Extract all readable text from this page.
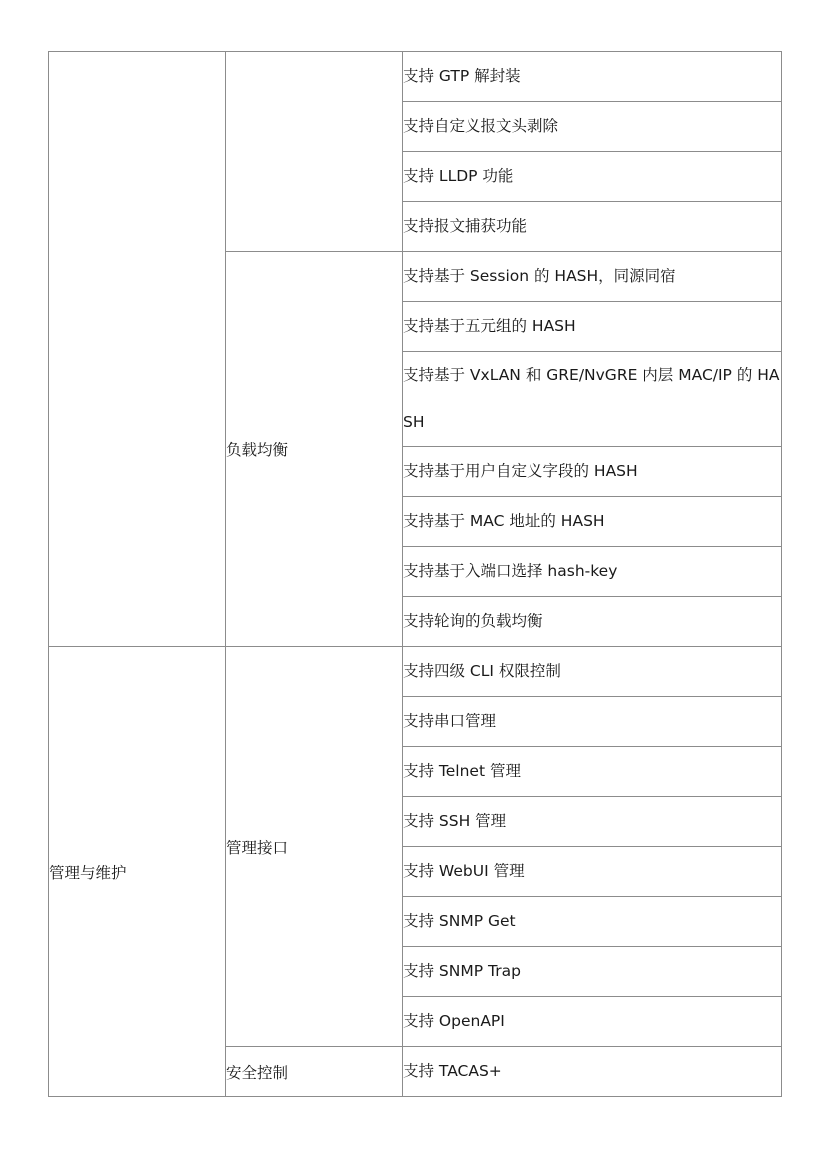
		支持 GTP 解封装
		支持自定义报文头剥除
		支持 LLDP 功能
		支持报文捕获功能
	负载均衡	支持基于 Session 的 HASH，同源同宿
		支持基于五元组的 HASH

		支持基于 VxLAN 和 GRE/NvGRE 内层 MAC/IP 的 HASH

		支持基于用户自定义字段的 HASH
		支持基于 MAC 地址的 HASH
		支持基于入端口选择 hash-key
		支持轮询的负载均衡
管理与维护	管理接口	支持四级 CLI 权限控制
		支持串口管理
		支持 Telnet 管理
		支持 SSH 管理
		支持 WebUI 管理
		支持 SNMP Get
		支持 SNMP Trap
		支持 OpenAPI
	安全控制	支持 TACAS+
